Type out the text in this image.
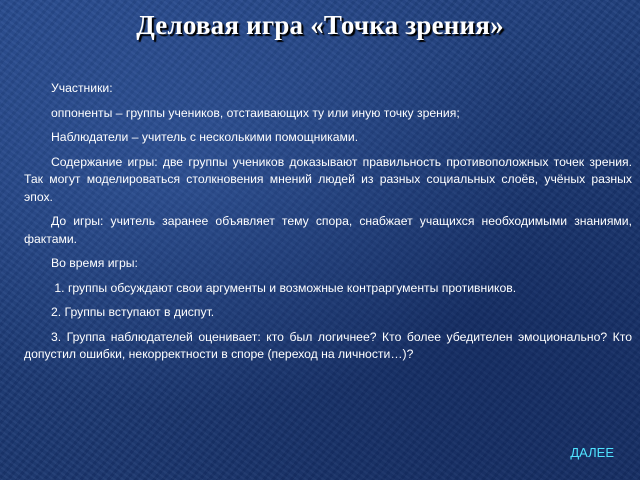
Деловая игра «Точка зрения»

Участники:

оппоненты – группы учеников, отстаивающих ту или иную точку зрения;

Наблюдатели – учитель с несколькими помощниками.

Содержание игры: две группы учеников доказывают правильность противоположных точек зрения. Так могут моделироваться столкновения мнений людей из разных социальных слоёв, учёных разных эпох.

До игры: учитель заранее объявляет тему спора, снабжает учащихся необходимыми знаниями, фактами.

Во время игры:

1. группы обсуждают свои аргументы и возможные контраргументы противников.

2. Группы вступают в диспут.

3. Группа наблюдателей оценивает: кто был логичнее? Кто более убедителен эмоционально? Кто допустил ошибки, некорректности в споре (переход на личности…)?

ДАЛЕЕ
